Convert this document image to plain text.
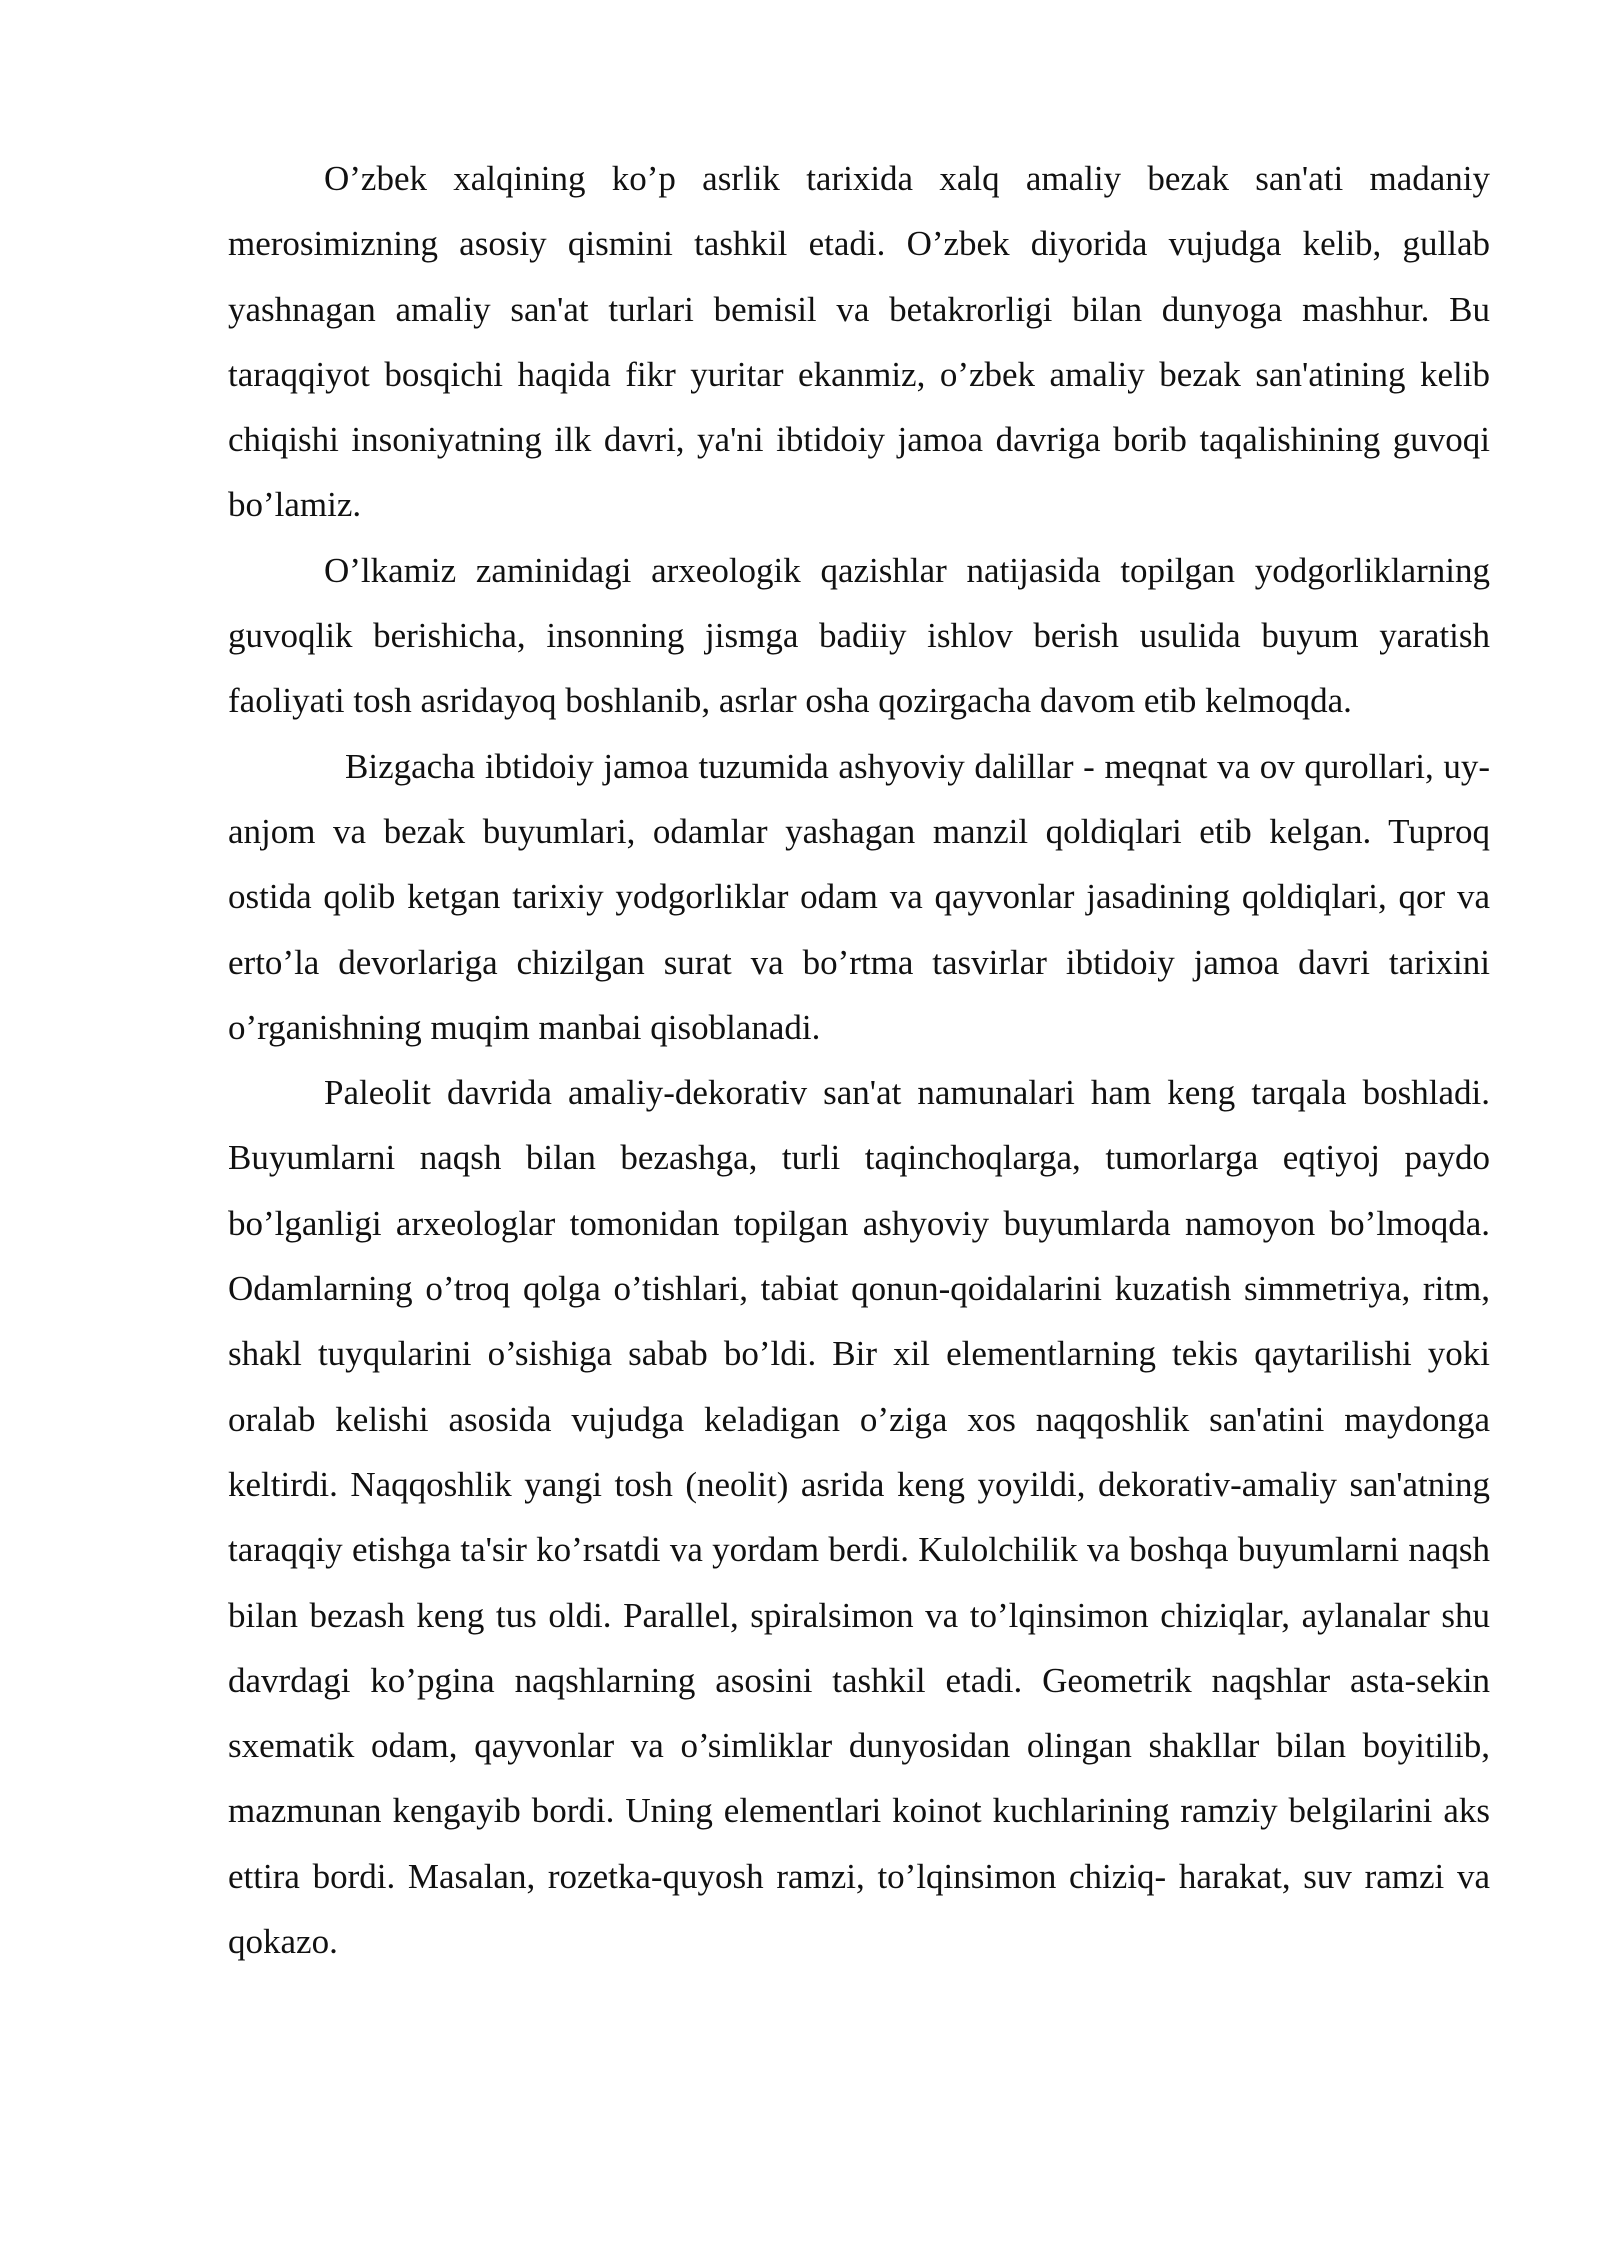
O’zbek xalqining ko’p asrlik tarixida xalq amaliy bezak san'ati madaniy merosimizning asosiy qismini tashkil etadi. O’zbek diyorida vujudga kelib, gullab yashnagan amaliy san'at turlari bemisil va betakrorligi bilan dunyoga mashhur. Bu taraqqiyot bosqichi haqida fikr yuritar ekanmiz, o’zbek amaliy bezak san'atining kelib chiqishi insoniyatning ilk davri, ya'ni ibtidoiy jamoa davriga borib taqalishining guvoqi bo’lamiz.

O’lkamiz zaminidagi arxeologik qazishlar natijasida topilgan yodgorliklarning guvoqlik berishicha, insonning jismga badiiy ishlov berish usulida buyum yaratish faoliyati tosh asridayoq boshlanib, asrlar osha qozirgacha davom etib kelmoqda.

Bizgacha ibtidoiy jamoa tuzumida ashyoviy dalillar - meqnat va ov qurollari, uy-anjom va bezak buyumlari, odamlar yashagan manzil qoldiqlari etib kelgan. Tuproq ostida qolib ketgan tarixiy yodgorliklar odam va qayvonlar jasadining qoldiqlari, qor va erto’la devorlariga chizilgan surat va bo’rtma tasvirlar ibtidoiy jamoa davri tarixini o’rganishning muqim manbai qisoblanadi.

Paleolit davrida amaliy-dekorativ san'at namunalari ham keng tarqala boshladi. Buyumlarni naqsh bilan bezashga, turli taqinchoqlarga, tumorlarga eqtiyoj paydo bo’lganligi arxeologlar tomonidan topilgan ashyoviy buyumlarda namoyon bo’lmoqda. Odamlarning o’troq qolga o’tishlari, tabiat qonun-qoidalarini kuzatish simmetriya, ritm, shakl tuyqularini o’sishiga sabab bo’ldi. Bir xil elementlarning tekis qaytarilishi yoki oralab kelishi asosida vujudga keladigan o’ziga xos naqqoshlik san'atini maydonga keltirdi. Naqqoshlik yangi tosh (neolit) asrida keng yoyildi, dekorativ-amaliy san'atning taraqqiy etishga ta'sir ko’rsatdi va yordam berdi. Kulolchilik va boshqa buyumlarni naqsh bilan bezash keng tus oldi. Parallel, spiralsimon va to’lqinsimon chiziqlar, aylanalar shu davrdagi ko’pgina naqshlarning asosini tashkil etadi. Geometrik naqshlar asta-sekin sxematik odam, qayvonlar va o’simliklar dunyosidan olingan shakllar bilan boyitilib, mazmunan kengayib bordi. Uning elementlari koinot kuchlarining ramziy belgilarini aks ettira bordi. Masalan, rozetka-quyosh ramzi, to’lqinsimon chiziq- harakat, suv ramzi va qokazo.
